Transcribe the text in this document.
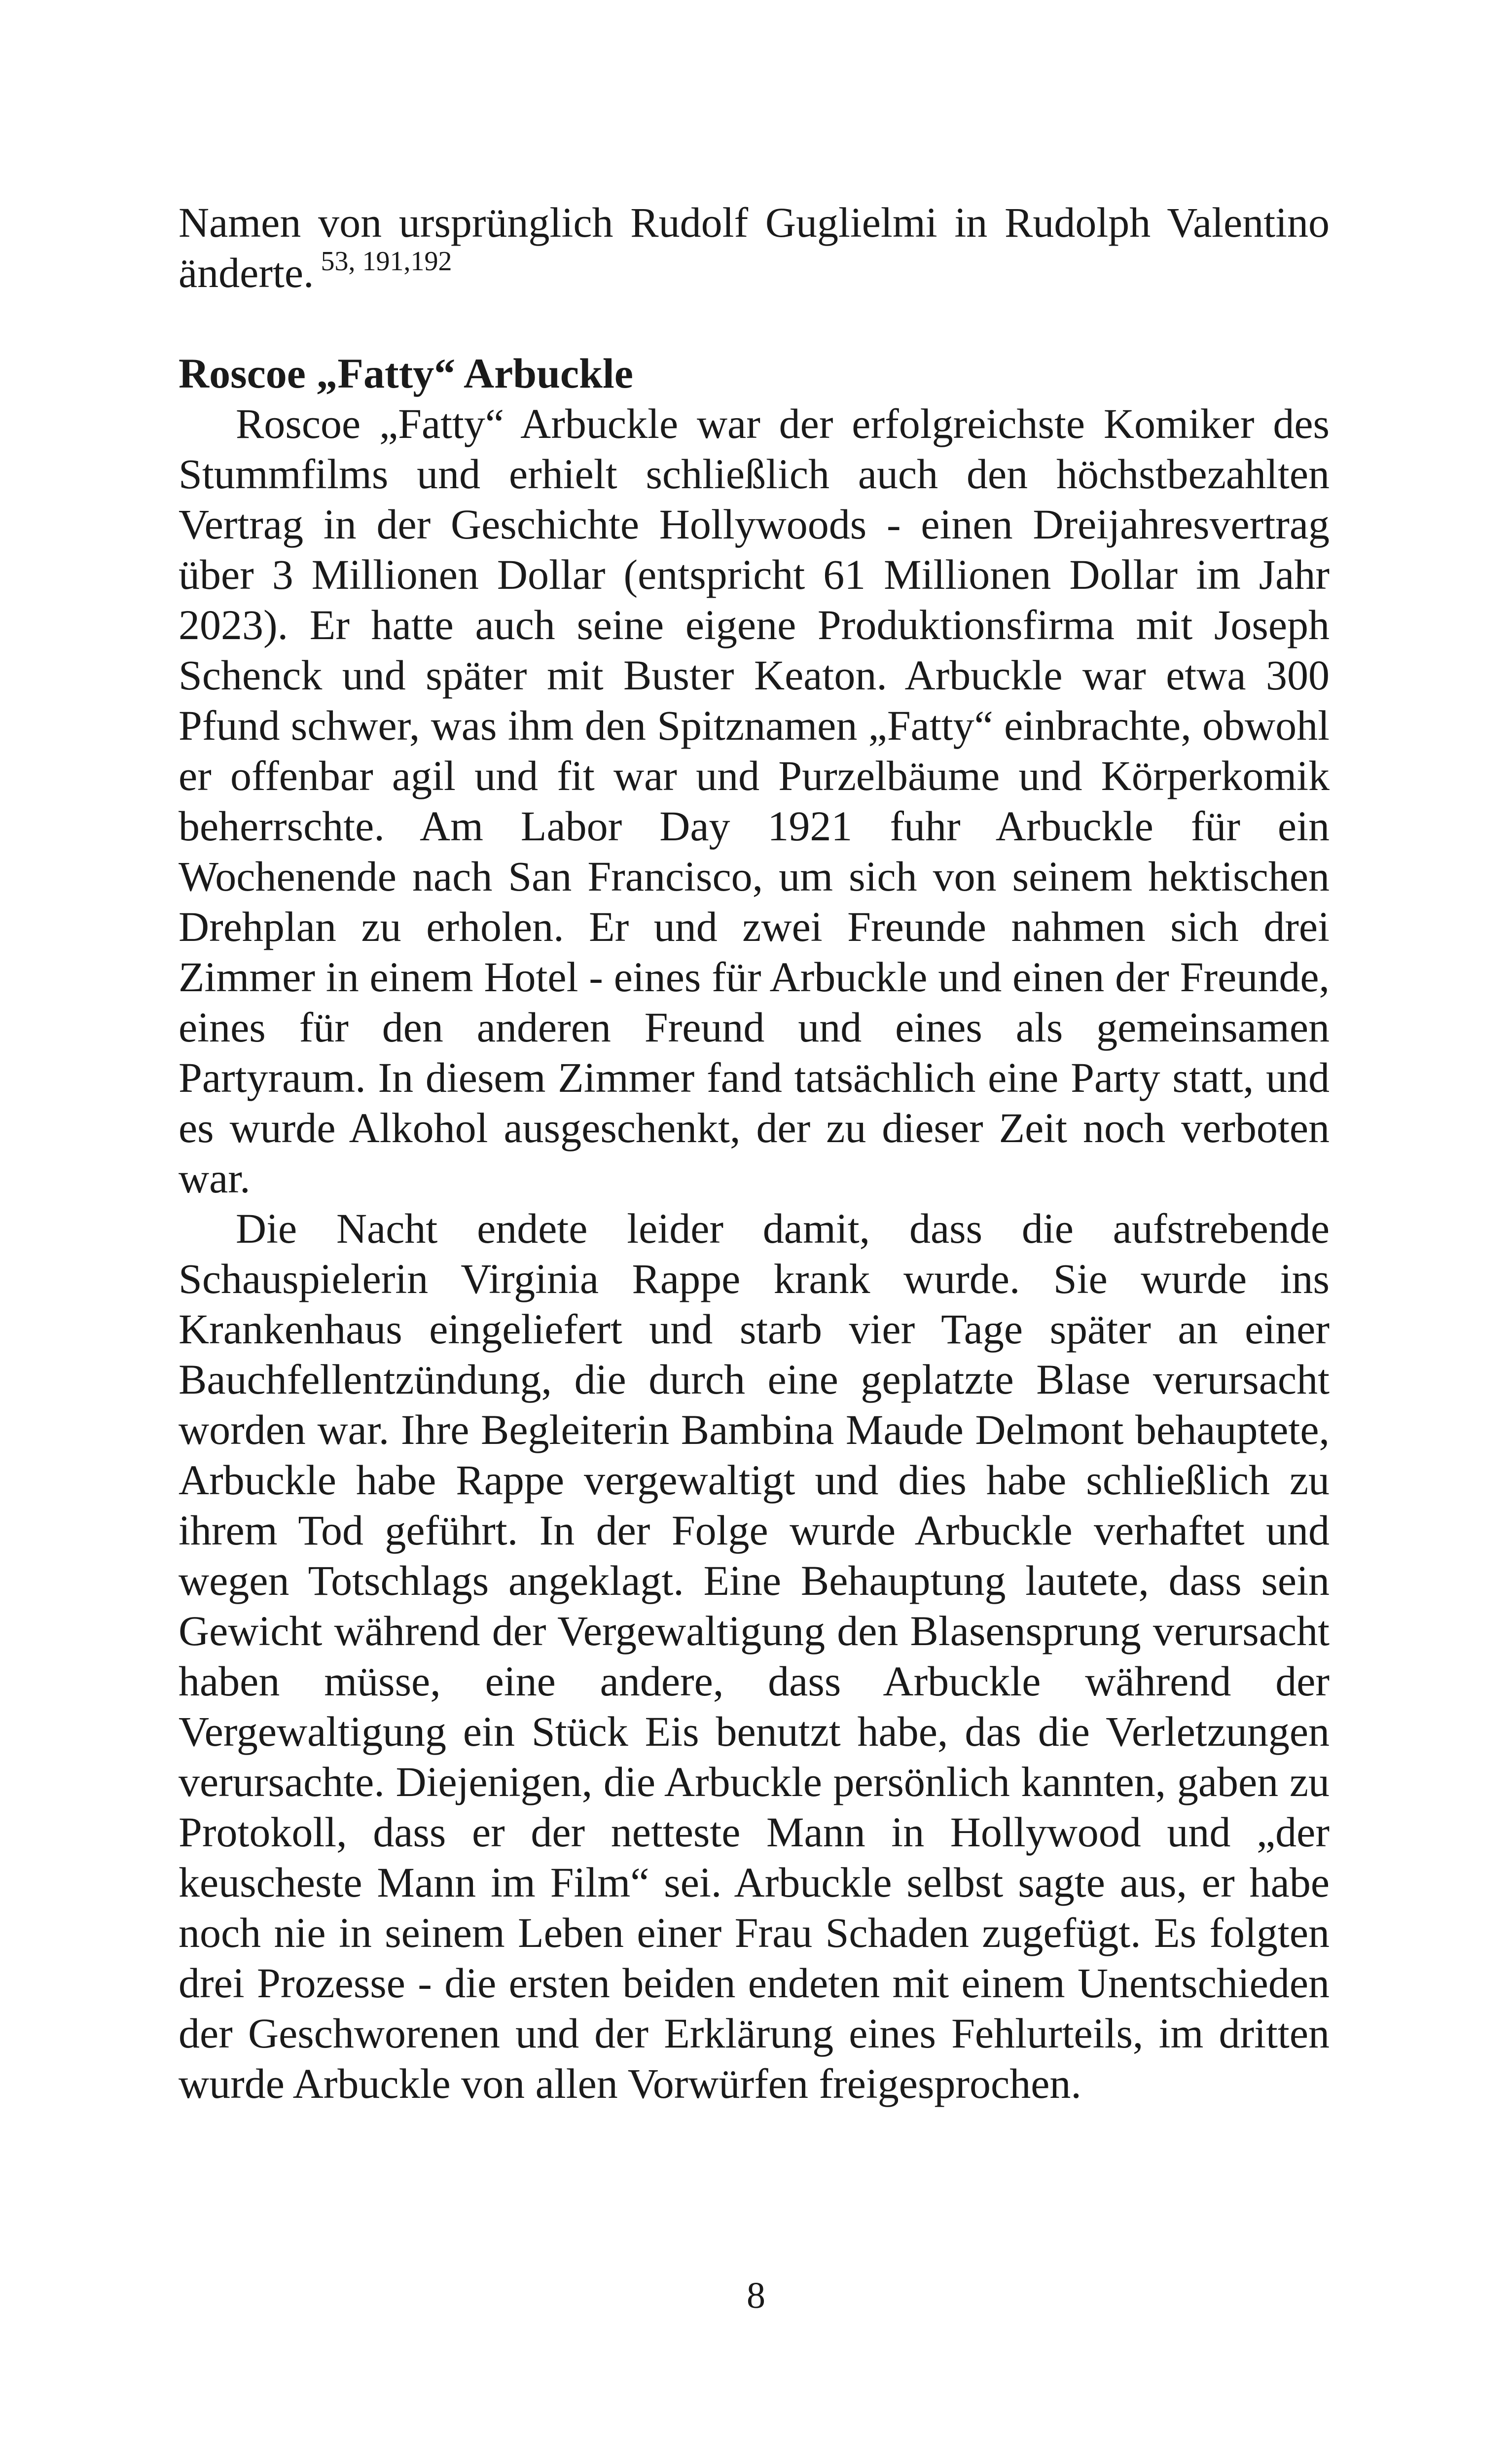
Namen von ursprünglich Rudolf Guglielmi in Rudolph Valentino änderte. $^{53, 191,192}$

Roscoe „Fatty“ Arbuckle

Roscoe „Fatty“ Arbuckle war der erfolgreichste Komiker des Stummfilms und erhielt schließlich auch den höchstbezahlten Vertrag in der Geschichte Hollywoods - einen Dreijahresvertrag über 3 Millionen Dollar (entspricht 61 Millionen Dollar im Jahr 2023). Er hatte auch seine eigene Produktionsfirma mit Joseph Schenck und später mit Buster Keaton. Arbuckle war etwa 300 Pfund schwer, was ihm den Spitznamen „Fatty“ einbrachte, obwohl er offenbar agil und fit war und Purzelbäume und Körperkomik beherrschte. Am Labor Day 1921 fuhr Arbuckle für ein Wochenende nach San Francisco, um sich von seinem hektischen Drehplan zu erholen. Er und zwei Freunde nahmen sich drei Zimmer in einem Hotel - eines für Arbuckle und einen der Freunde, eines für den anderen Freund und eines als gemeinsamen Partyraum. In diesem Zimmer fand tatsächlich eine Party statt, und es wurde Alkohol ausgeschenkt, der zu dieser Zeit noch verboten war.

Die Nacht endete leider damit, dass die aufstrebende Schauspielerin Virginia Rappe krank wurde. Sie wurde ins Krankenhaus eingeliefert und starb vier Tage später an einer Bauchfellentzündung, die durch eine geplatzte Blase verursacht worden war. Ihre Begleiterin Bambina Maude Delmont behauptete, Arbuckle habe Rappe vergewaltigt und dies habe schließlich zu ihrem Tod geführt. In der Folge wurde Arbuckle verhaftet und wegen Totschlags angeklagt. Eine Behauptung lautete, dass sein Gewicht während der Vergewaltigung den Blasensprung verursacht haben müsse, eine andere, dass Arbuckle während der Vergewaltigung ein Stück Eis benutzt habe, das die Verletzungen verursachte. Diejenigen, die Arbuckle persönlich kannten, gaben zu Protokoll, dass er der netteste Mann in Hollywood und „der keuscheste Mann im Film“ sei. Arbuckle selbst sagte aus, er habe noch nie in seinem Leben einer Frau Schaden zugefügt. Es folgten drei Prozesse - die ersten beiden endeten mit einem Unentschieden der Geschworenen und der Erklärung eines Fehlurteils, im dritten wurde Arbuckle von allen Vorwürfen freigesprochen.

8
